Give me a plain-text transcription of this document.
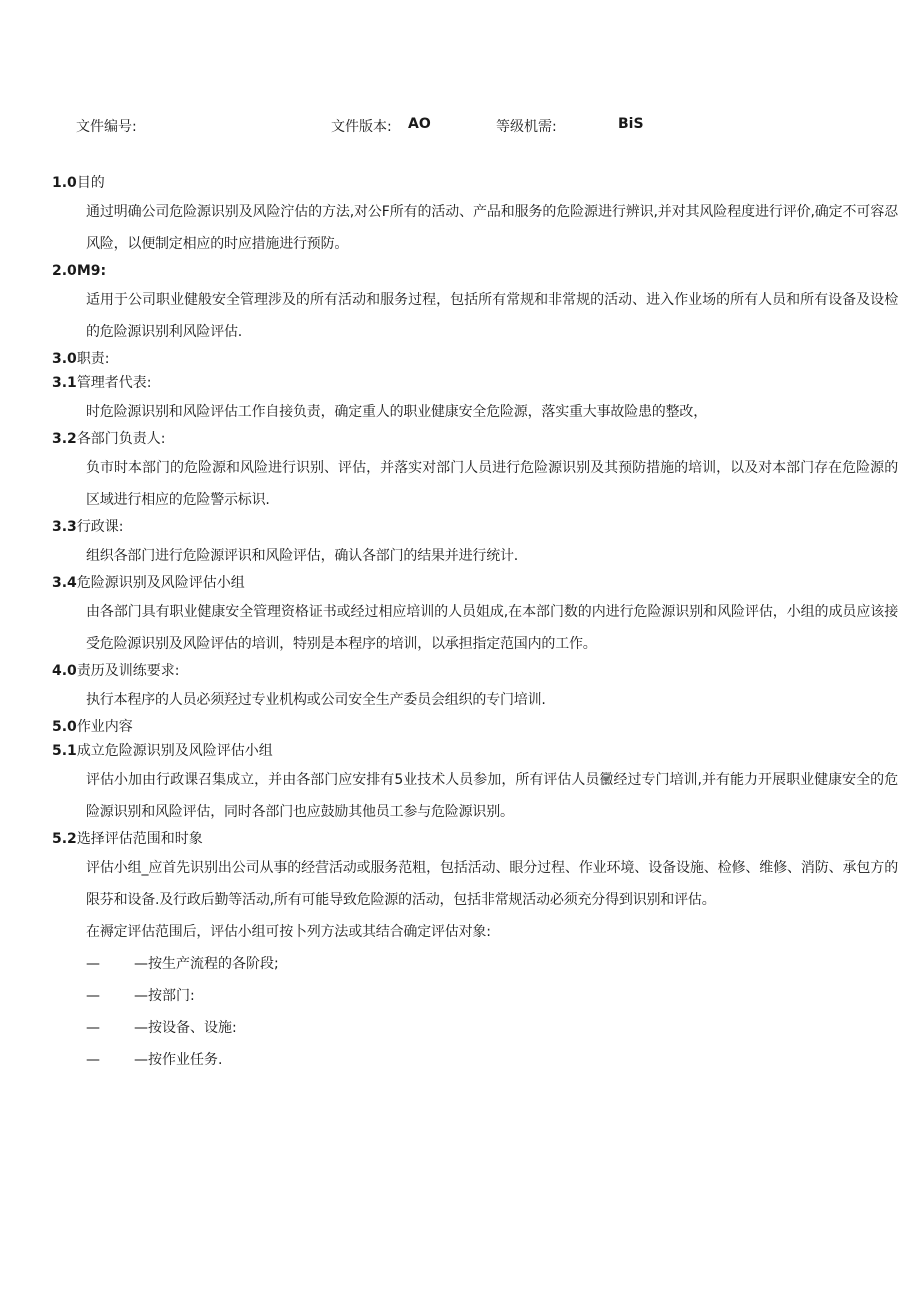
文件编号:	文件版本: AO	等级机需:	BiS
1.0目的
通过明确公司危险源识别及风险泞估的方法,对公F所有的活动、产品和服务的危险源进行辨识,并对其风险程度进行评价,确定不可容忍风险，以便制定相应的时应措施进行预防。
2.0M9:
适用于公司职业健般安全管理涉及的所有活动和服务过程，包括所有常规和非常规的活动、进入作业场的所有人员和所有设备及设检的危险源识别利风险评估.
3.0职责:
3.1管理者代表:
时危险源识别和风险评估工作自接负责，确定重人的职业健康安全危险源，落实重大事故险患的整改，
3.2各部门负责人:
负市时本部门的危险源和风险进行识别、评估，并落实对部门人员进行危险源识别及其预防措施的培训，以及对本部门存在危险源的区域进行相应的危险警示标识.
3.3行政课:
组织各部门进行危险源评识和风险评估，确认各部门的结果并进行统计.
3.4危险源识别及风险评估小组
由各部门具有职业健康安全管理资格证书或经过相应培训的人员姐成,在本部门数的内进行危险源识别和风险评估，小组的成员应该接受危险源识别及风险评估的培训，特别是本程序的培训，以承担指定范国内的工作。
4.0责历及训练要求:
执行本程序的人员必须羟过专业机构或公司安全生产委员会组织的专门培训.
5.0作业内容
5.1成立危险源识别及风险评估小组
评估小加由行政课召集成立，并由各部门应安排有5业技术人员参加，所有评估人员黴经过专门培训,并有能力开展职业健康安全的危险源识别和风险评估，同时各部门也应鼓励其他员工参与危险源识别。
5.2选择评估范围和时象
评估小组_应首先识别出公司从事的经营活动或服务范粗，包括活动、眼分过程、作业环境、设备设施、检修、维修、消防、承包方的限芬和设备.及行政后勤等活动,所有可能导致危险源的活动，包括非常规活动必须充分得到识别和评估。
在褥定评估范围后，评估小组可按卜列方法或其结合确定评估对象:
— —按生产流程的各阶段;
— —按部门:
— —按设备、设施:
— —按作业任务.
